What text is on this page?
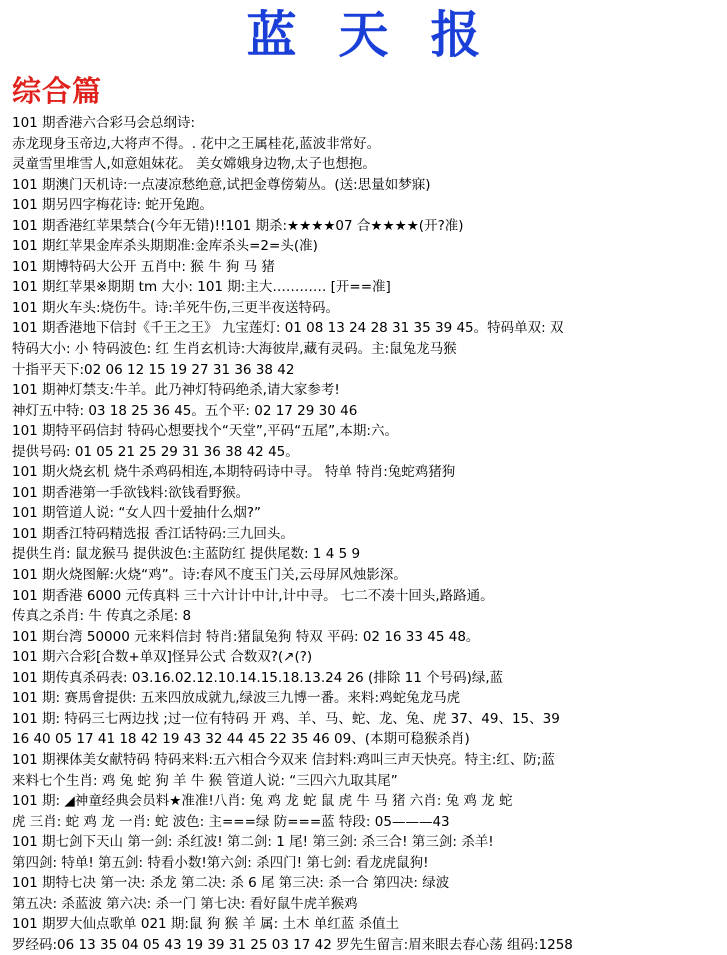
蓝天报
综合篇
101 期香港六合彩马会总纲诗:
赤龙现身玉帝边,大将声不得。. 花中之王属桂花,蓝波非常好。
灵童雪里堆雪人,如意姐妹花。 美女嫦娥身边物,太子也想抱。
101 期澳门天机诗:一点凄凉愁绝意,试把金尊傍菊丛。(送:思量如梦寐)
101 期另四字梅花诗: 蛇开兔跑。
101 期香港红苹果禁合(今年无错)!!101 期杀:★★★★07 合★★★★(开?准)
101 期红苹果金库杀头期期准:金库杀头=2=头(准)
101 期博特码大公开 五肖中: 猴 牛 狗 马 猪
101 期红苹果※期期 tm 大小: 101 期:主大………… [开==准]
101 期火车头:烧伤牛。诗:羊死牛伤,三更半夜送特码。
101 期香港地下信封《千王之王》 九宝莲灯: 01 08 13 24 28 31 35 39 45。特码单双: 双
特码大小: 小 特码波色: 红 生肖玄机诗:大海彼岸,藏有灵码。主:鼠兔龙马猴
十指平天下:02 06 12 15 19 27 31 36 38 42
101 期神灯禁支:牛羊。此乃神灯特码绝杀,请大家参考!
神灯五中特: 03 18 25 36 45。五个平: 02 17 29 30 46
101 期特平码信封 特码心想要找个“天堂”,平码“五尾”,本期:六。
提供号码: 01 05 21 25 29 31 36 38 42 45。
101 期火烧玄机 烧牛杀鸡码相连,本期特码诗中寻。 特单 特肖:兔蛇鸡猪狗
101 期香港第一手欲钱料:欲钱看野猴。
101 期管道人说: “女人四十爱抽什么烟?”
101 期香江特码精选报 香江话特码:三九回头。
提供生肖: 鼠龙猴马 提供波色:主蓝防红 提供尾数: 1 4 5 9
101 期火烧图解:火烧“鸡”。诗:春风不度玉门关,云母屏风烛影深。
101 期香港 6000 元传真料 三十六计计中计,计中寻。 七二不凑十回头,路路通。
传真之杀肖: 牛 传真之杀尾: 8
101 期台湾 50000 元来料信封 特肖:猪鼠兔狗 特双 平码: 02 16 33 45 48。
101 期六合彩[合数+单双]怪异公式 合数双?(↗(?)
101 期传真杀码表: 03.16.02.12.10.14.15.18.13.24 26 (排除 11 个号码)绿,蓝
101 期: 赛馬會提供: 五来四放成就九,绿波三九博一番。来料:鸡蛇兔龙马虎
101 期: 特码三七两边找 ;过一位有特码 开 鸡、羊、马、蛇、龙、兔、虎 37、49、15、39
16 40 05 17 41 18 42 19 43 32 44 45 22 35 46 09、(本期可稳猴杀肖)
101 期裸体美女献特码 特码来料:五六相合今双来 信封料:鸡叫三声天快亮。特主:红、防;蓝
来料七个生肖: 鸡 兔 蛇 狗 羊 牛 猴 管道人说: “三四六九取其尾”
101 期: ◢神童经典会员料★准准!八肖: 兔 鸡 龙 蛇 鼠 虎 牛 马 猪 六肖: 兔 鸡 龙 蛇
虎 三肖: 蛇 鸡 龙 一肖: 蛇 波色: 主===绿 防===蓝 特段: 05———43
101 期七剑下天山 第一剑: 杀红波! 第二剑: 1 尾! 第三剑: 杀三合! 第三剑: 杀羊!
第四剑: 特单! 第五剑: 特看小数!第六剑: 杀四门! 第七剑: 看龙虎鼠狗!
101 期特七决 第一决: 杀龙 第二决: 杀 6 尾 第三决: 杀一合 第四决: 绿波
第五决: 杀蓝波 第六决: 杀一门 第七决: 看好鼠牛虎羊猴鸡
101 期罗大仙点歌单 021 期:鼠 狗 猴 羊 属: 土木 单红蓝 杀值土
罗经码:06 13 35 04 05 43 19 39 31 25 03 17 42 罗先生留言:眉来眼去春心荡 组码:1258
